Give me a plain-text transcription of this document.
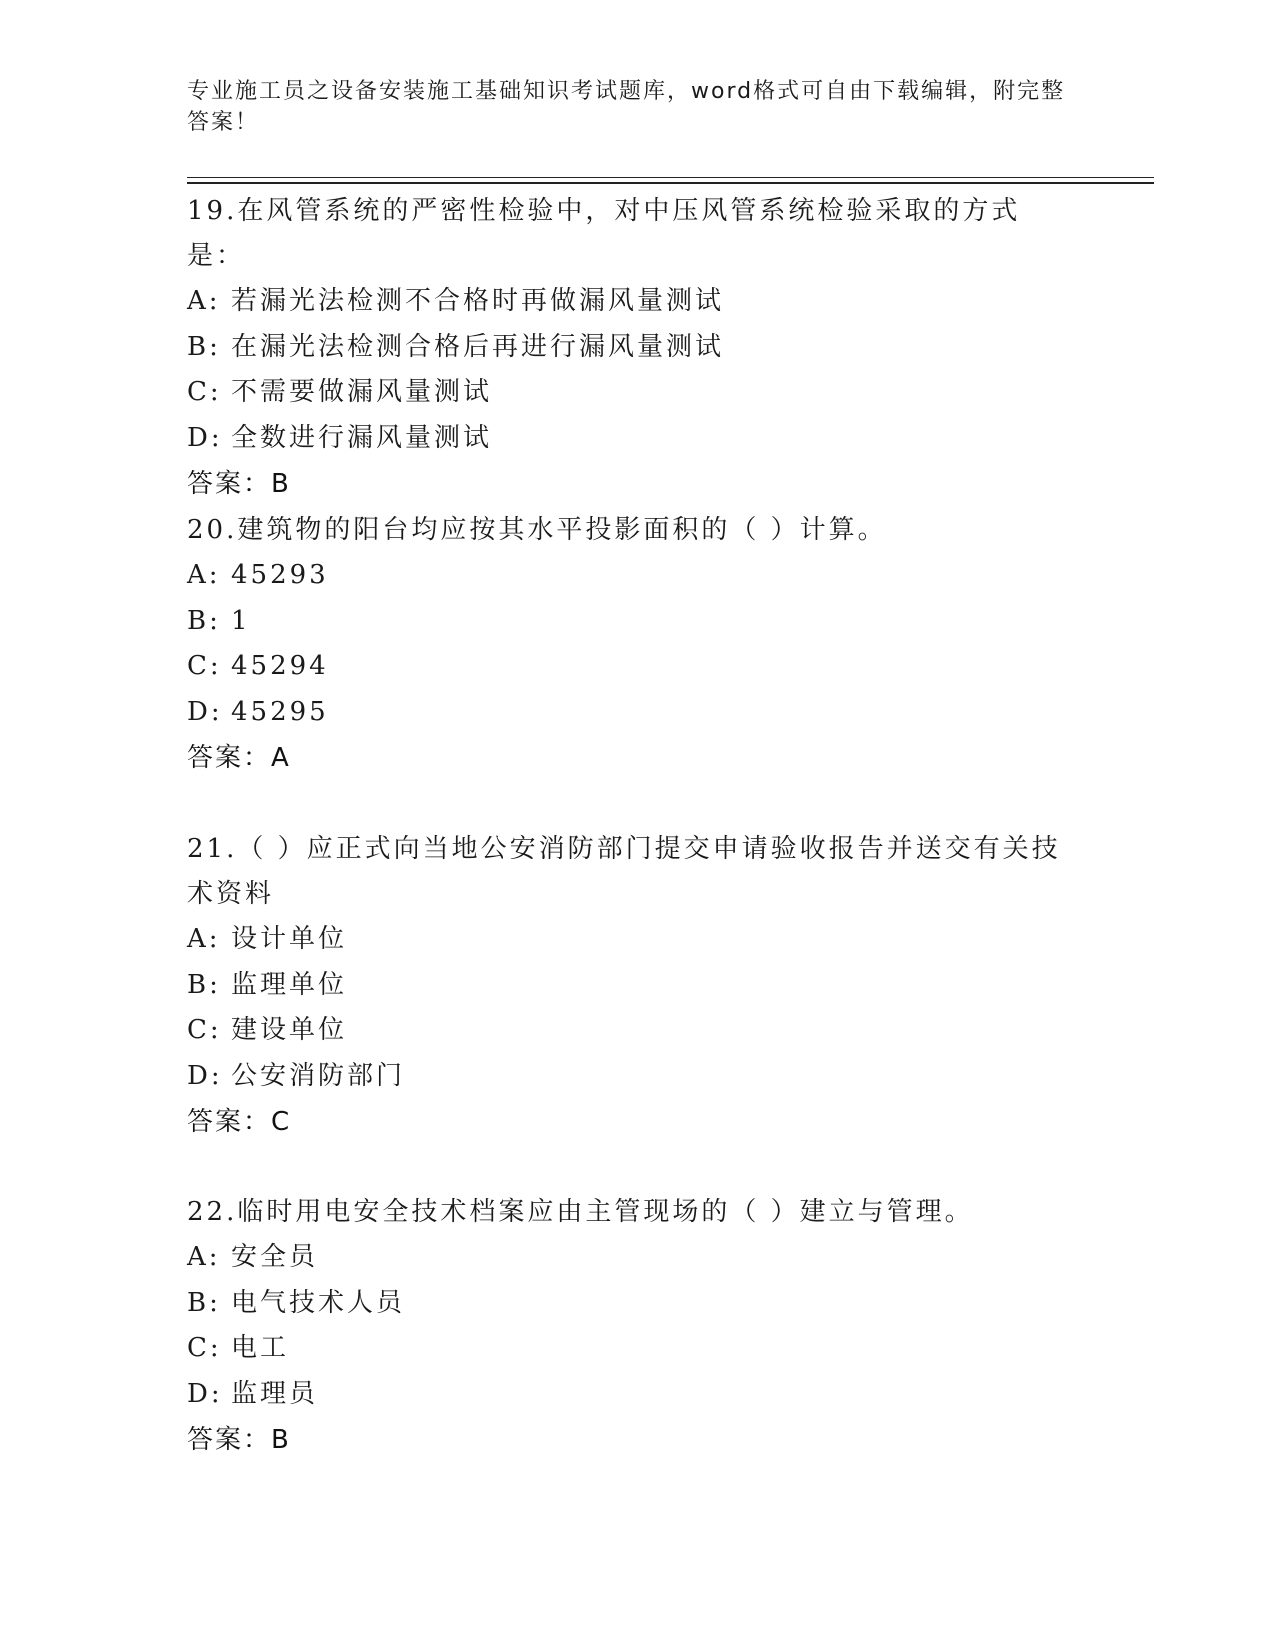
专业施工员之设备安装施工基础知识考试题库，word格式可自由下载编辑，附完整答案！
19.在风管系统的严密性检验中，对中压风管系统检验采取的方式是：
A: 若漏光法检测不合格时再做漏风量测试
B: 在漏光法检测合格后再进行漏风量测试
C: 不需要做漏风量测试
D: 全数进行漏风量测试
答案：B
20.建筑物的阳台均应按其水平投影面积的（ ）计算。
A: 45293
B: 1
C: 45294
D: 45295
答案：A
21.（ ）应正式向当地公安消防部门提交申请验收报告并送交有关技术资料
A: 设计单位
B: 监理单位
C: 建设单位
D: 公安消防部门
答案：C
22.临时用电安全技术档案应由主管现场的（ ）建立与管理。
A: 安全员
B: 电气技术人员
C: 电工
D: 监理员
答案：B
